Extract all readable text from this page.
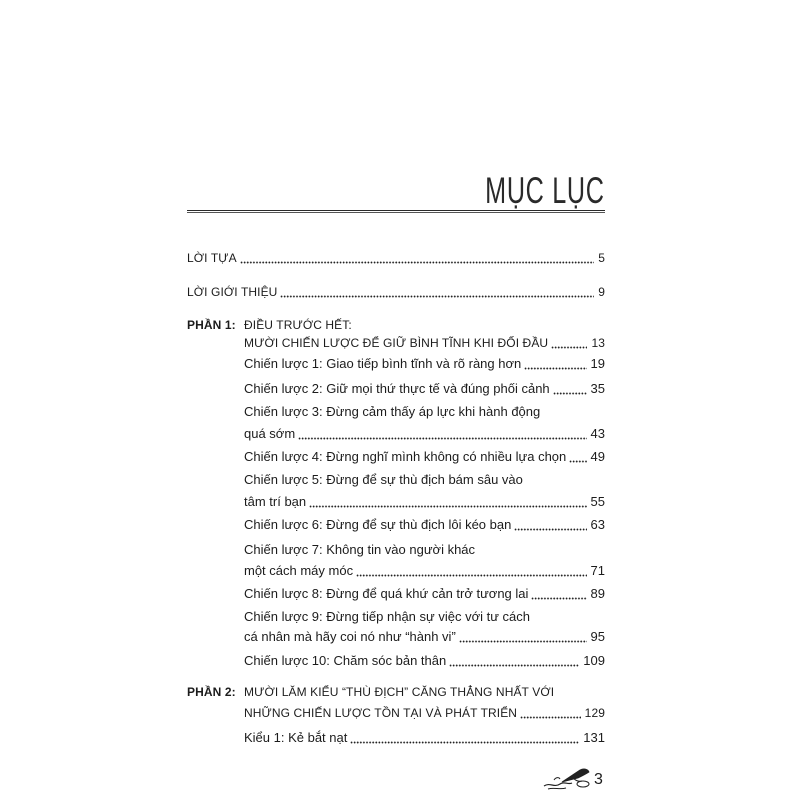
MỤC LỤC
LỜI TỰA	5
LỜI GIỚI THIỆU	9
PHẦN 1: ĐIỀU TRƯỚC HẾT:
MƯỜI CHIẾN LƯỢC ĐỂ GIỮ BÌNH TĨNH KHI ĐỐI ĐẦU	13
Chiến lược 1: Giao tiếp bình tĩnh và rõ ràng hơn	19
Chiến lược 2: Giữ mọi thứ thực tế và đúng phối cảnh	35
Chiến lược 3: Đừng cảm thấy áp lực khi hành động
quá sớm	43
Chiến lược 4: Đừng nghĩ mình không có nhiều lựa chọn 49
Chiến lược 5: Đừng để sự thù địch bám sâu vào
tâm trí bạn	55
Chiến lược 6: Đừng để sự thù địch lôi kéo bạn	63
Chiến lược 7: Không tin vào người khác
một cách máy móc	71
Chiến lược 8: Đừng để quá khứ cản trở tương lai	89
Chiến lược 9: Đừng tiếp nhận sự việc với tư cách
cá nhân mà hãy coi nó như “hành vi”	95
Chiến lược 10: Chăm sóc bản thân	109
PHẦN 2: MƯỜI LĂM KIỂU “THÙ ĐỊCH” CĂNG THẲNG NHẤT VỚI
NHỮNG CHIẾN LƯỢC TỒN TẠI VÀ PHÁT TRIỂN	129
Kiểu 1: Kẻ bắt nạt	131
3
